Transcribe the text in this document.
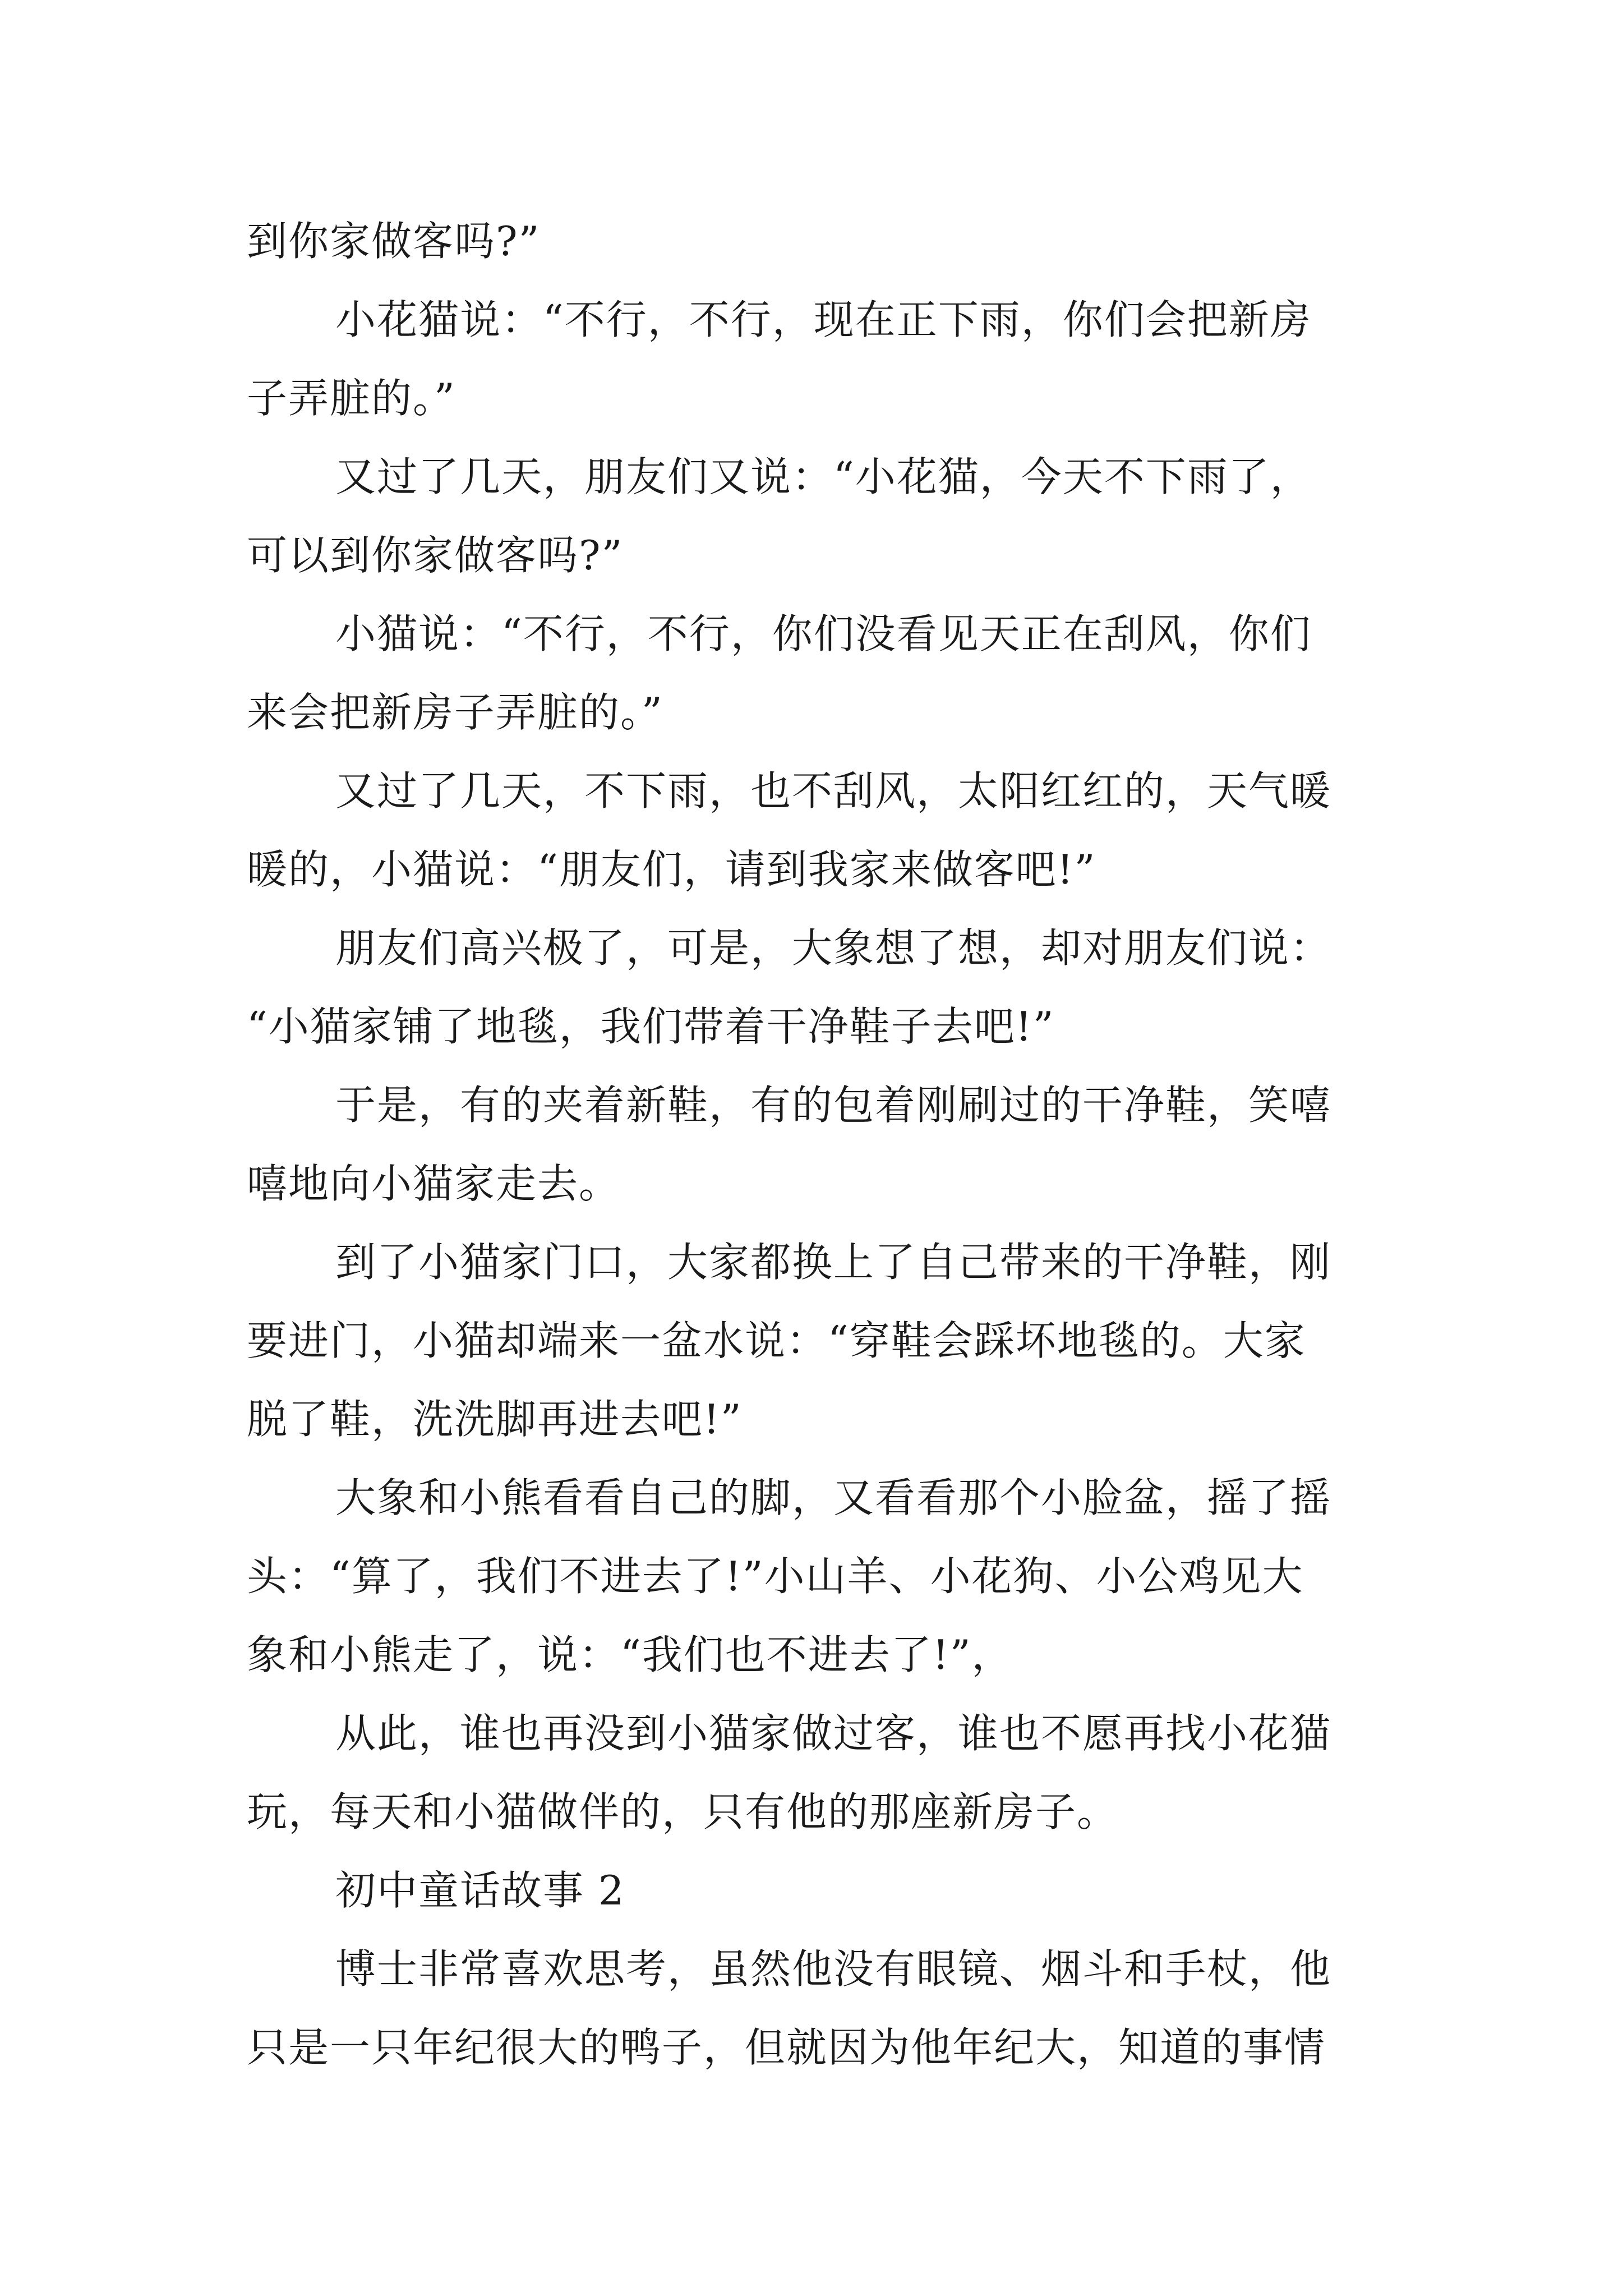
到你家做客吗?”
小花猫说：“不行，不行，现在正下雨，你们会把新房
子弄脏的。”
又过了几天，朋友们又说：“小花猫，今天不下雨了，
可以到你家做客吗?”
小猫说：“不行，不行，你们没看见天正在刮风，你们
来会把新房子弄脏的。”
又过了几天，不下雨，也不刮风，太阳红红的，天气暖
暖的，小猫说：“朋友们，请到我家来做客吧!”
朋友们高兴极了，可是，大象想了想，却对朋友们说：
“小猫家铺了地毯，我们带着干净鞋子去吧!”
于是，有的夹着新鞋，有的包着刚刷过的干净鞋，笑嘻
嘻地向小猫家走去。
到了小猫家门口，大家都换上了自己带来的干净鞋，刚
要进门，小猫却端来一盆水说：“穿鞋会踩坏地毯的。大家
脱了鞋，洗洗脚再进去吧!”
大象和小熊看看自己的脚，又看看那个小脸盆，摇了摇
头：“算了，我们不进去了!”小山羊、小花狗、小公鸡见大
象和小熊走了，说：“我们也不进去了!”，
从此，谁也再没到小猫家做过客，谁也不愿再找小花猫
玩，每天和小猫做伴的，只有他的那座新房子。
初中童话故事 2
博士非常喜欢思考，虽然他没有眼镜、烟斗和手杖，他
只是一只年纪很大的鸭子，但就因为他年纪大，知道的事情
